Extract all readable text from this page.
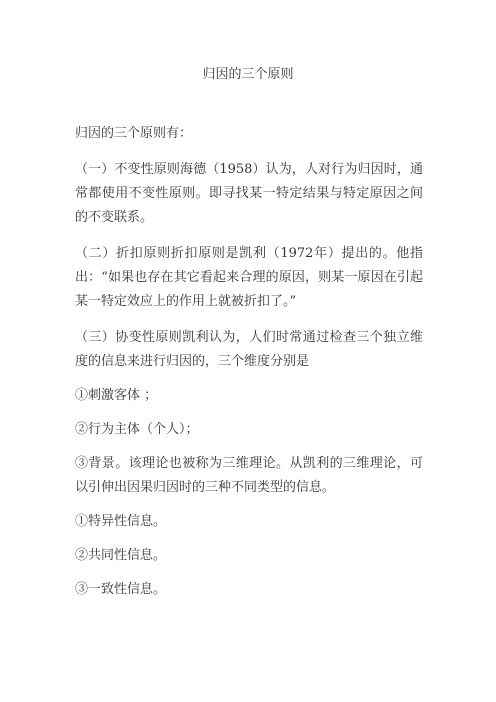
归因的三个原则
归因的三个原则有：
（一）不变性原则海德（1958）认为，人对行为归因时，通常都使用不变性原则。即寻找某一特定结果与特定原因之间的不变联系。
（二）折扣原则折扣原则是凯利（1972年）提出的。他指出：“如果也存在其它看起来合理的原因，则某一原因在引起某一特定效应上的作用上就被折扣了。”
（三）协变性原则凯利认为，人们时常通过检查三个独立维度的信息来进行归因的，三个维度分别是
①刺激客体 ；
②行为主体（个人）；
③背景。该理论也被称为三维理论。从凯利的三维理论，可以引伸出因果归因时的三种不同类型的信息。
①特异性信息。
②共同性信息。
③一致性信息。
